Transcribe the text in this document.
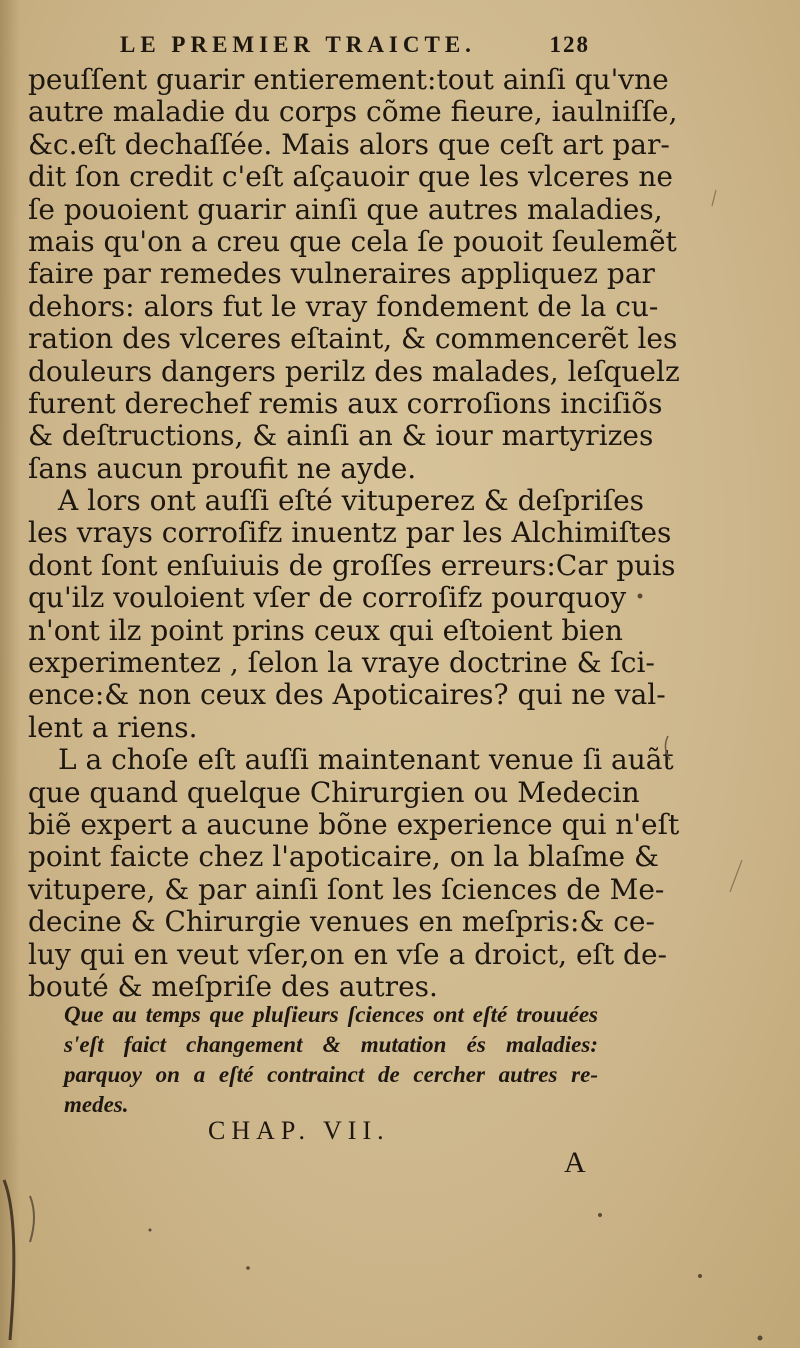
LE PREMIER TRAICTE.	128
peuſſent guarir entierement:tout ainſi qu'vne
autre maladie du corps cõme fieure, iaulniſſe,
&c.eſt dechaſſée. Mais alors que ceſt art par-
dit ſon credit c'eſt aſçauoir que les vlceres ne
ſe pouoient guarir ainſi que autres maladies,
mais qu'on a creu que cela ſe pouoit ſeulemẽt
faire par remedes vulneraires appliquez par
dehors: alors fut le vray fondement de la cu-
ration des vlceres eſtaint, & commencerẽt les
douleurs dangers perilz des malades, leſquelz
furent derechef remis aux corroſions inciſiõs
& deſtructions, & ainſi an & iour martyrizes
ſans aucun proufit ne ayde.
A lors ont auſſi eſté vituperez & deſpriſes
les vrays corroſifz inuentz par les Alchimiſtes
dont ſont enſuiuis de groſſes erreurs:Car puis
qu'ilz vouloient vſer de corroſifz pourquoy
n'ont ilz point prins ceux qui eſtoient bien
experimentez , ſelon la vraye doctrine & ſci-
ence:& non ceux des Apoticaires? qui ne val-
lent a riens.
L a choſe eſt auſſi maintenant venue ſi auãt
que quand quelque Chirurgien ou Medecin
biẽ expert a aucune bõne experience qui n'eſt
point faicte chez l'apoticaire, on la blaſme &
vitupere, & par ainſi ſont les ſciences de Me-
decine & Chirurgie venues en meſpris:& ce-
luy qui en veut vſer,on en vſe a droict, eſt de-
bouté & meſpriſe des autres.
Que au temps que pluſieurs ſciences ont eſté trouuées
s'eſt faict changement & mutation és maladies:
parquoy on a eſté contrainct de cercher autres re-
medes.
CHAP. VII.
A
